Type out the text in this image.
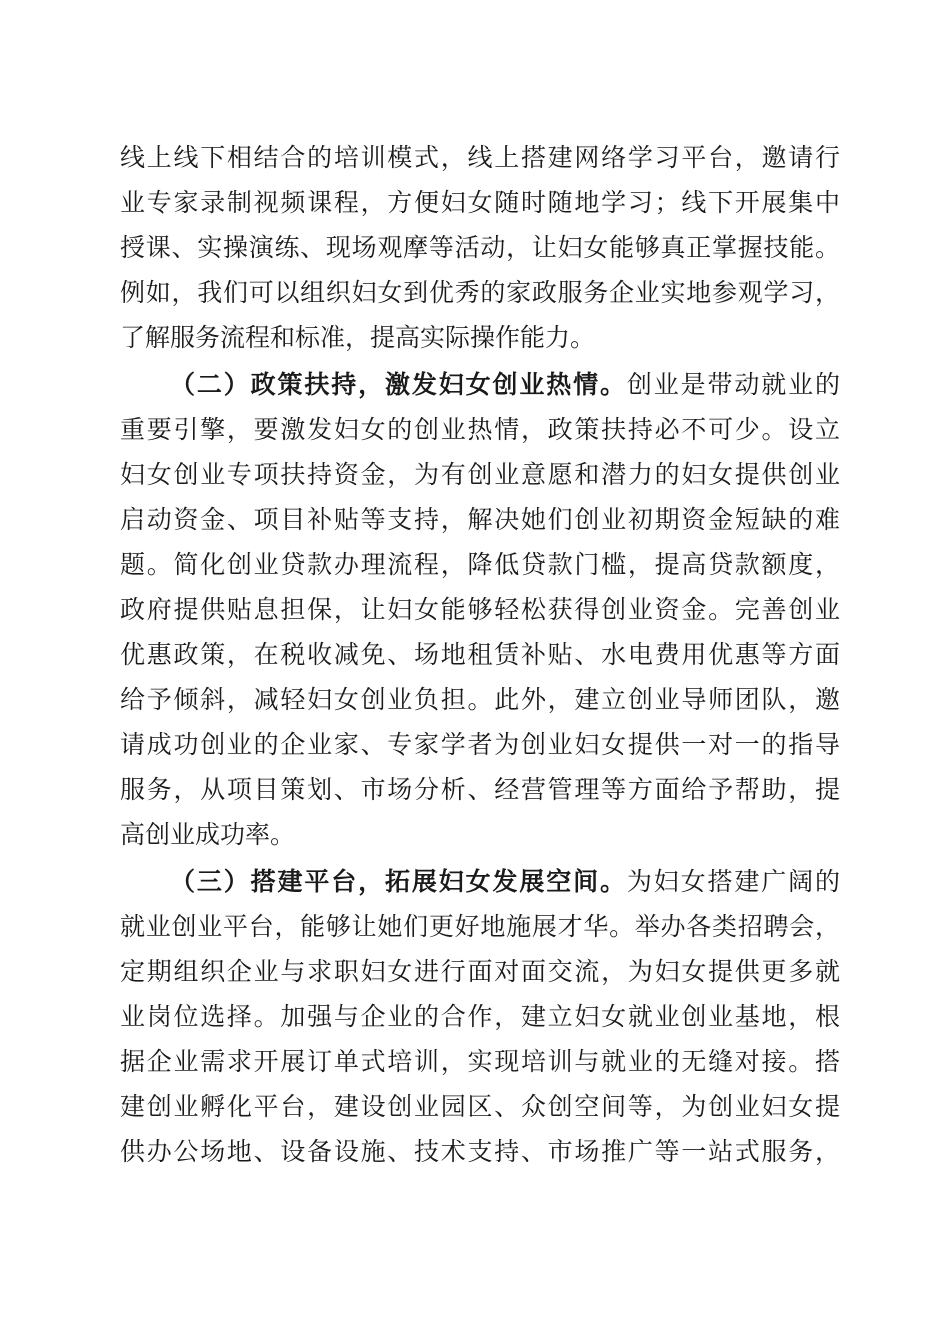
线上线下相结合的培训模式，线上搭建网络学习平台，邀请行
业专家录制视频课程，方便妇女随时随地学习；线下开展集中
授课、实操演练、现场观摩等活动，让妇女能够真正掌握技能。
例如，我们可以组织妇女到优秀的家政服务企业实地参观学习，
了解服务流程和标准，提高实际操作能力。
（二）政策扶持，激发妇女创业热情。创业是带动就业的
重要引擎，要激发妇女的创业热情，政策扶持必不可少。设立
妇女创业专项扶持资金，为有创业意愿和潜力的妇女提供创业
启动资金、项目补贴等支持，解决她们创业初期资金短缺的难
题。简化创业贷款办理流程，降低贷款门槛，提高贷款额度，
政府提供贴息担保，让妇女能够轻松获得创业资金。完善创业
优惠政策，在税收减免、场地租赁补贴、水电费用优惠等方面
给予倾斜，减轻妇女创业负担。此外，建立创业导师团队，邀
请成功创业的企业家、专家学者为创业妇女提供一对一的指导
服务，从项目策划、市场分析、经营管理等方面给予帮助，提
高创业成功率。
（三）搭建平台，拓展妇女发展空间。为妇女搭建广阔的
就业创业平台，能够让她们更好地施展才华。举办各类招聘会，
定期组织企业与求职妇女进行面对面交流，为妇女提供更多就
业岗位选择。加强与企业的合作，建立妇女就业创业基地，根
据企业需求开展订单式培训，实现培训与就业的无缝对接。搭
建创业孵化平台，建设创业园区、众创空间等，为创业妇女提
供办公场地、设备设施、技术支持、市场推广等一站式服务，
